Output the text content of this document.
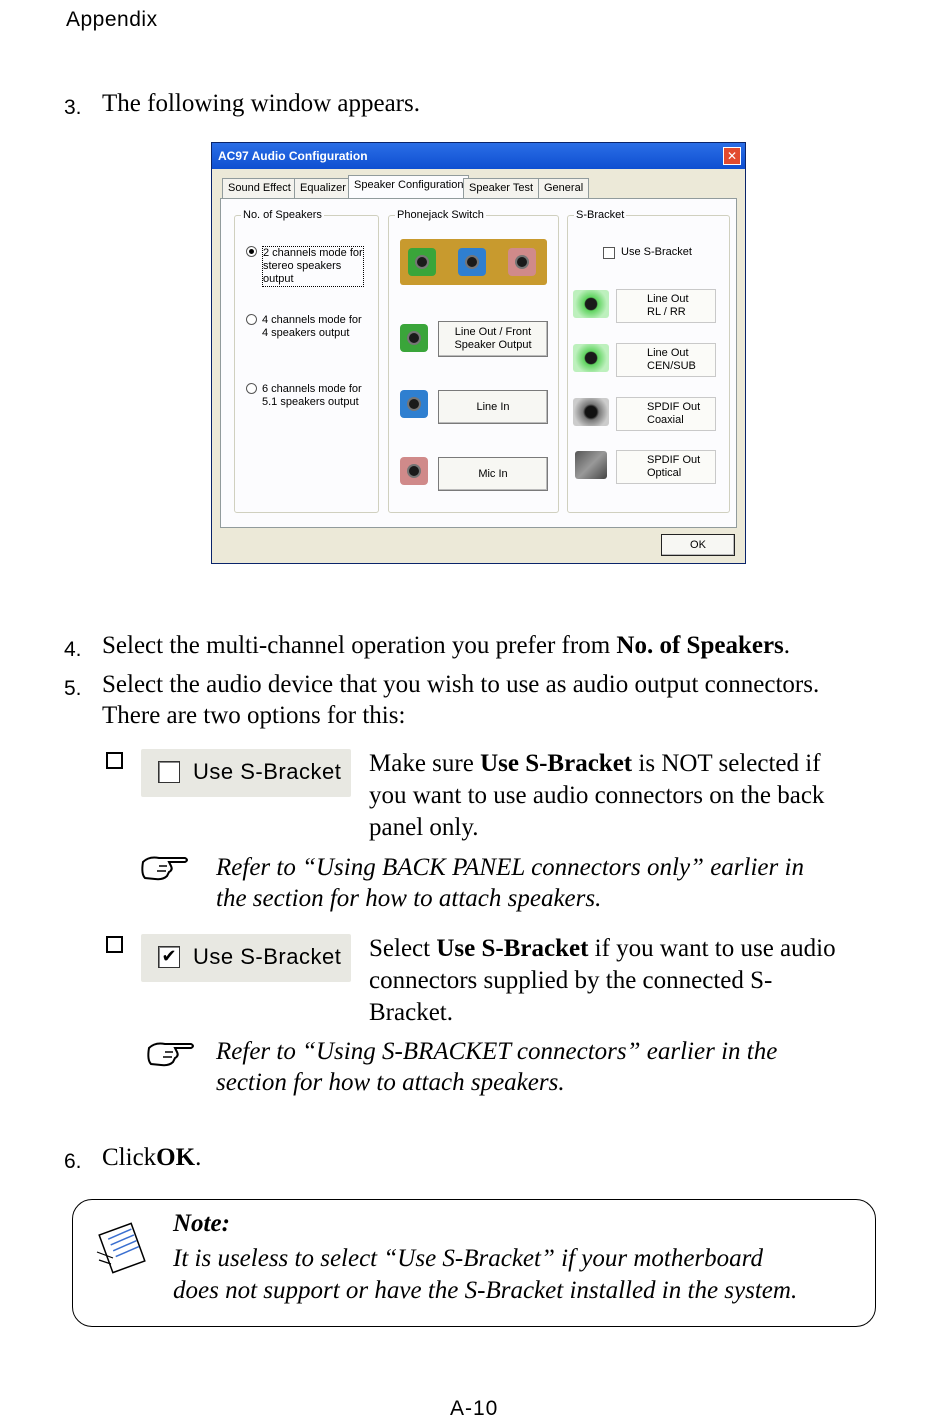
Appendix
3. The following window appears.
AC97 Audio Configuration	✕
Sound Effect Equalizer Speaker Configuration Speaker Test General
No. of Speakers
2 channels mode for stereo speakers output
4 channels mode for 4 speakers output
6 channels mode for 5.1 speakers output
Phonejack Switch
Line Out / Front Speaker Output
Line In
Mic In
S-Bracket
Use S-Bracket
Line Out
RL / RR
Line Out
CEN/SUB
SPDIF Out
Coaxial
SPDIF Out
Optical
OK
4. Select the multi-channel operation you prefer from No. of Speakers.
5. Select the audio device that you wish to use as audio output connectors.
There are two options for this:
Use S-Bracket Make sure Use S-Bracket is NOT selected if
you want to use audio connectors on the back
panel only.
Refer to “Using BACK PANEL connectors only” earlier in
the section for how to attach speakers.
✔ Use S-Bracket Select Use S-Bracket if you want to use audio
connectors supplied by the connected S-
Bracket.
Refer to “Using S-BRACKET connectors” earlier in the
section for how to attach speakers.
6. ClickOK.
Note:
It is useless to select “Use S-Bracket” if your motherboard
does not support or have the S-Bracket installed in the system.
A-10
